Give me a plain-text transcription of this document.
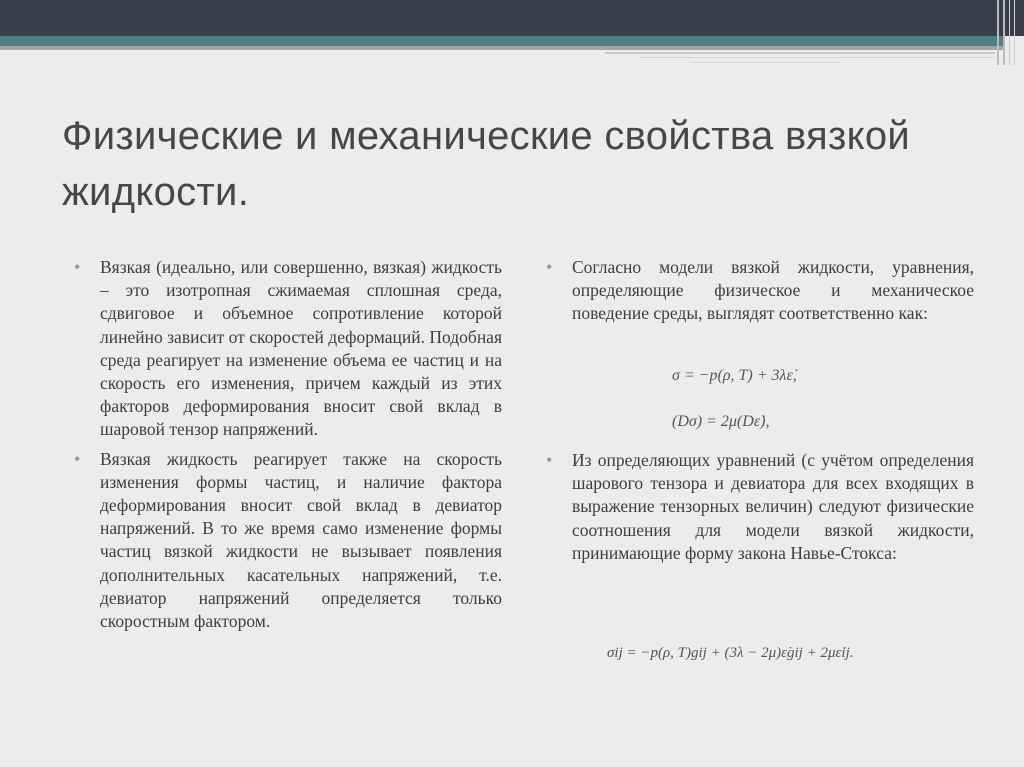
Физические и механические свойства вязкой жидкости.
• Вязкая (идеально, или совершенно, вязкая) жидкость – это изотропная сжимаемая сплошная среда, сдвиговое и объемное сопротивление которой линейно зависит от скоростей деформаций. Подобная среда реагирует на изменение объема ее частиц и на скорость его изменения, причем каждый из этих факторов деформирования вносит свой вклад в шаровой тензор напряжений.
• Вязкая жидкость реагирует также на скорость изменения формы частиц, и наличие фактора деформирования вносит свой вклад в девиатор напряжений. В то же время само изменение формы частиц вязкой жидкости не вызывает появления дополнительных касательных напряжений, т.е. девиатор напряжений определяется только скоростным фактором.
• Согласно модели вязкой жидкости, уравнения, определяющие физическое и механическое поведение среды, выглядят соответственно как:
σ = −p(ρ, T) + 3λε̇,
(Dσ) = 2μ(Dε̇),
• Из определяющих уравнений (с учётом определения шарового тензора и девиатора для всех входящих в выражение тензорных величин) следуют физические соотношения для модели вязкой жидкости, принимающие форму закона Навье-Стокса:
σij = −p(ρ, T)gij + (3λ − 2μ)ε̇gij + 2με̇ij.
